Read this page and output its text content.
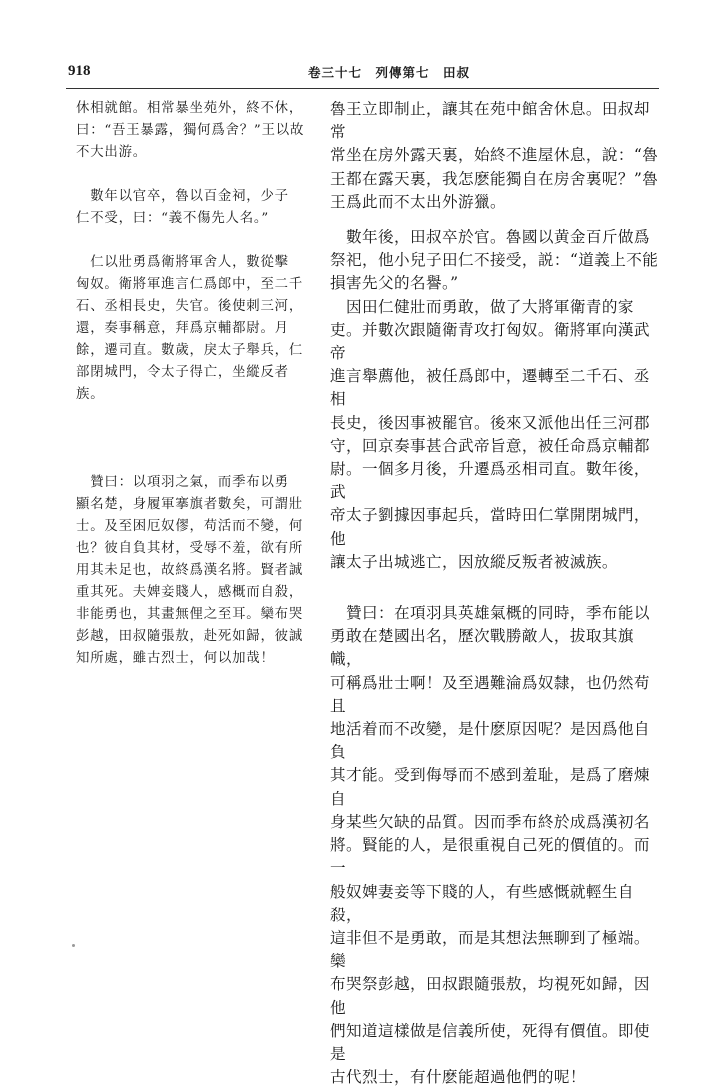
918	卷三十七　列傳第七　田叔

休相就館。相常暴坐苑外，終不休，
曰：“吾王暴露，獨何爲舍？”王以故
不大出游。

　數年以官卒，魯以百金祠，少子
仁不受，曰：“義不傷先人名。”

　仁以壯勇爲衛將軍舍人，數從擊
匈奴。衛將軍進言仁爲郎中，至二千
石、丞相長史，失官。後使刺三河，
還，奏事稱意，拜爲京輔都尉。月
餘，遷司直。數歲，戾太子舉兵，仁
部閉城門，令太子得亡，坐縱反者
族。

　贊曰：以項羽之氣，而季布以勇
顯名楚，身履軍搴旗者數矣，可謂壯
士。及至困厄奴僇，苟活而不變，何
也？彼自負其材，受辱不羞，欲有所
用其未足也，故終爲漢名將。賢者誠
重其死。夫婢妾賤人，感概而自殺，
非能勇也，其畫無俚之至耳。欒布哭
彭越，田叔隨張敖，赴死如歸，彼誠
知所處，雖古烈士，何以加哉！

魯王立即制止，讓其在苑中館舍休息。田叔却常
常坐在房外露天裏，始終不進屋休息，說：“魯
王都在露天裏，我怎麽能獨自在房舍裏呢？”魯
王爲此而不太出外游獵。

　數年後，田叔卒於官。魯國以黄金百斤做爲
祭祀，他小兒子田仁不接受，説：“道義上不能
損害先父的名譽。”

　因田仁健壯而勇敢，做了大將軍衛青的家
吏。并數次跟隨衛青攻打匈奴。衛將軍向漢武帝
進言舉薦他，被任爲郎中，遷轉至二千石、丞相
長史，後因事被罷官。後來又派他出任三河郡
守，回京奏事甚合武帝旨意，被任命爲京輔都
尉。一個多月後，升遷爲丞相司直。數年後，武
帝太子劉據因事起兵，當時田仁掌開閉城門，他
讓太子出城逃亡，因放縱反叛者被滅族。

　贊曰：在項羽具英雄氣概的同時，季布能以
勇敢在楚國出名，歷次戰勝敵人，拔取其旗幟，
可稱爲壯士啊！及至遇難淪爲奴隸，也仍然苟且
地活着而不改變，是什麽原因呢？是因爲他自負
其才能。受到侮辱而不感到羞耻，是爲了磨煉自
身某些欠缺的品質。因而季布終於成爲漢初名
將。賢能的人，是很重視自己死的價值的。而一
般奴婢妻妾等下賤的人，有些感慨就輕生自殺，
這非但不是勇敢，而是其想法無聊到了極端。欒
布哭祭彭越，田叔跟隨張敖，均視死如歸，因他
們知道這樣做是信義所使，死得有價值。即使是
古代烈士，有什麽能超過他們的呢！
